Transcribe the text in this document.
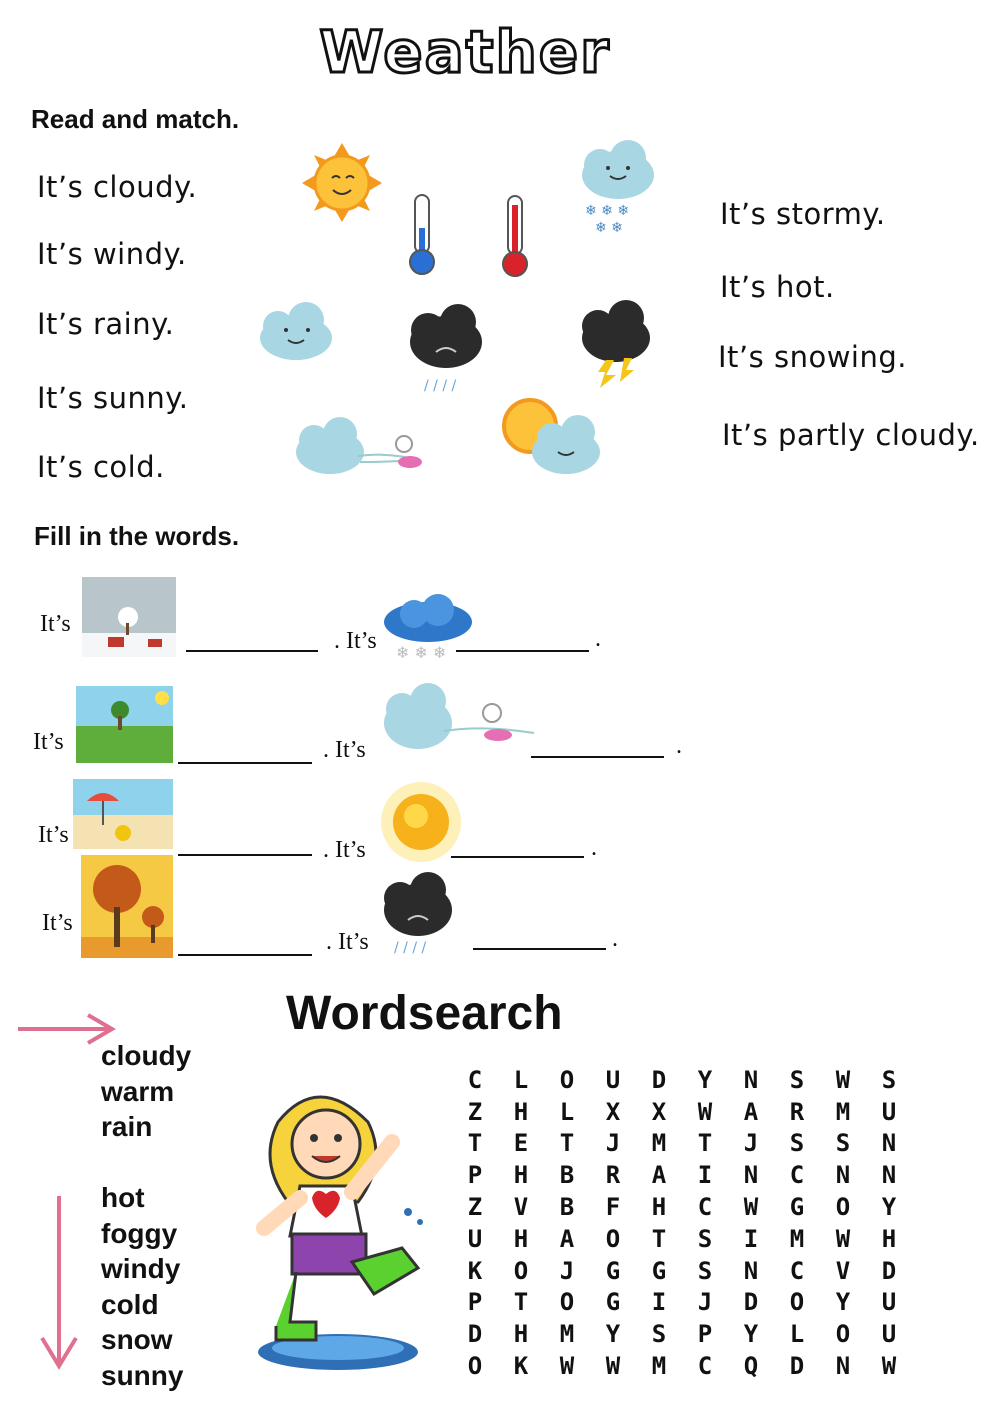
Weather
Read and match.
It’s cloudy.
It’s windy.
It’s rainy.
It’s sunny.
It’s cold.
It’s stormy.
It’s hot.
It’s snowing.
It’s partly cloudy.
❄ ❄ ❄
❄ ❄
/ / / /
Fill in the words.
It’s
. It’s ❄ ❄ ❄
.
It’s	. It’s	.
It’s
. It’s	.
It’s
. It’s / / / /	.
Wordsearch
cloudy
warm
rain
hot
foggy
windy
cold
snow
sunny
C	L	O	U	D	Y	N	S	W	S
Z	H	L	X	X	W	A	R	M	U
T	E	T	J	M	T	J	S	S	N
P	H	B	R	A	I	N	C	N	N
Z	V	B	F	H	C	W	G	O	Y
U	H	A	O	T	S	I	M	W	H
K	O	J	G	G	S	N	C	V	D
P	T	O	G	I	J	D	O	Y	U
D	H	M	Y	S	P	Y	L	O	U
O	K	W	W	M	C	Q	D	N	W
